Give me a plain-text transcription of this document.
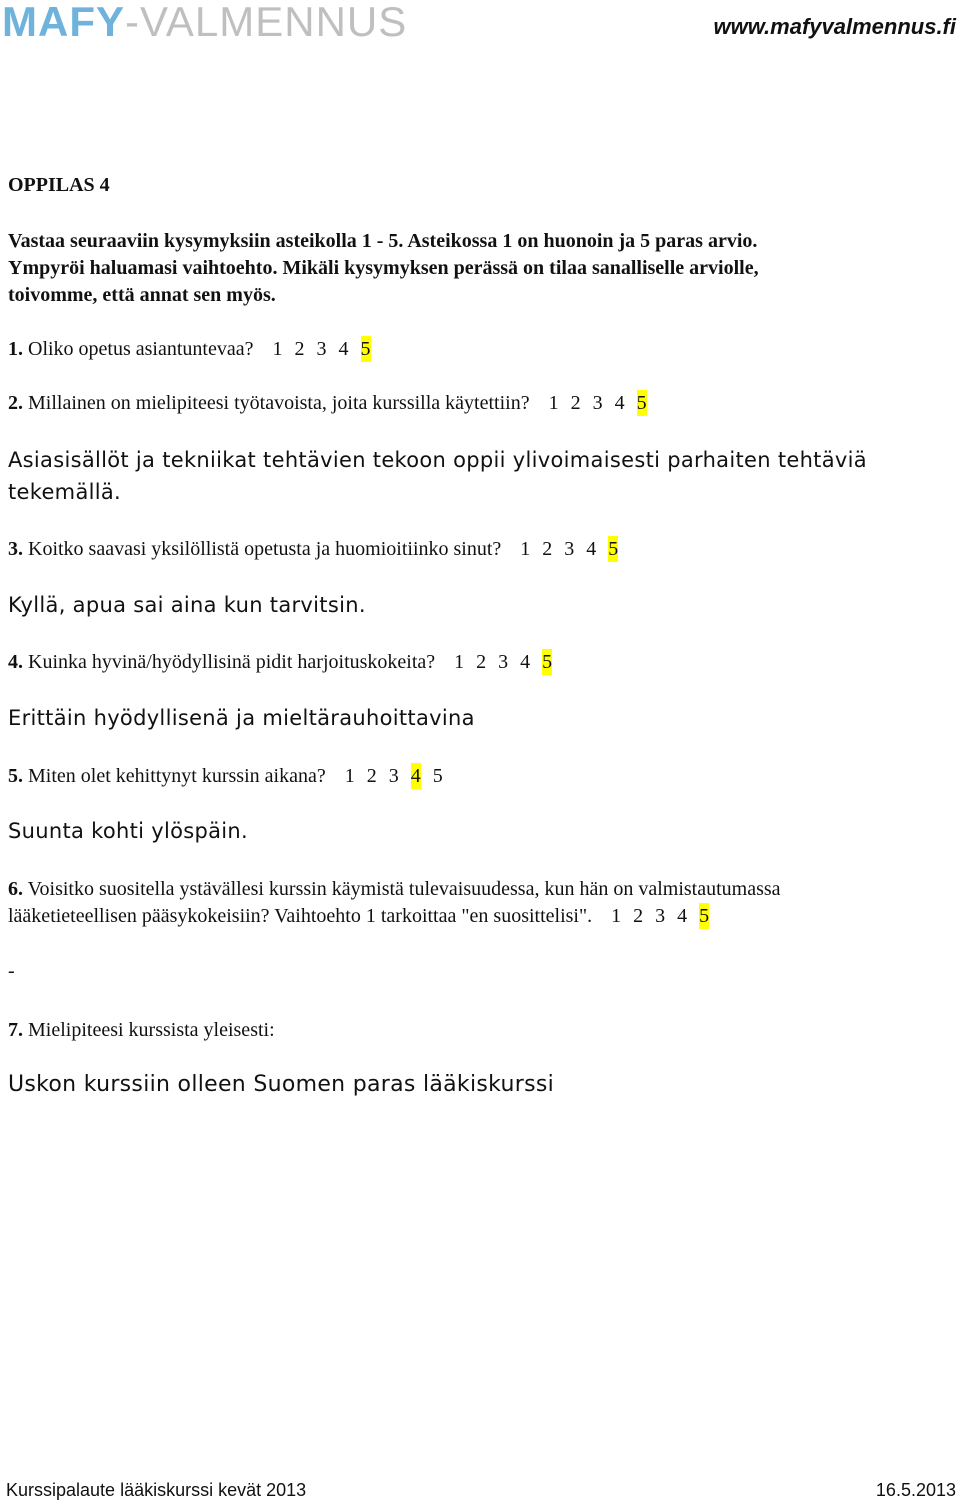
MAFY-VALMENNUS	www.mafyvalmennus.fi
OPPILAS 4
Vastaa seuraaviin kysymyksiin asteikolla 1 - 5. Asteikossa 1 on huonoin ja 5 paras arvio.
Ympyröi haluamasi vaihtoehto. Mikäli kysymyksen perässä on tilaa sanalliselle arviolle,
toivomme, että annat sen myös.
1. Oliko opetus asiantuntevaa? 1 2 3 4 5
2. Millainen on mielipiteesi työtavoista, joita kurssilla käytettiin? 1 2 3 4 5
Asiasisällöt ja tekniikat tehtävien tekoon oppii ylivoimaisesti parhaiten tehtäviä
tekemällä.
3. Koitko saavasi yksilöllistä opetusta ja huomioitiinko sinut? 1 2 3 4 5
Kyllä, apua sai aina kun tarvitsin.
4. Kuinka hyvinä/hyödyllisinä pidit harjoituskokeita? 1 2 3 4 5
Erittäin hyödyllisenä ja mieltärauhoittavina
5. Miten olet kehittynyt kurssin aikana? 1 2 3 4 5
Suunta kohti ylöspäin.
6. Voisitko suositella ystävällesi kurssin käymistä tulevaisuudessa, kun hän on valmistautumassa
lääketieteellisen pääsykokeisiin? Vaihtoehto 1 tarkoittaa "en suosittelisi". 1 2 3 4 5
-
7. Mielipiteesi kurssista yleisesti:
Uskon kurssiin olleen Suomen paras lääkiskurssi
Kurssipalaute lääkiskurssi kevät 2013	16.5.2013
